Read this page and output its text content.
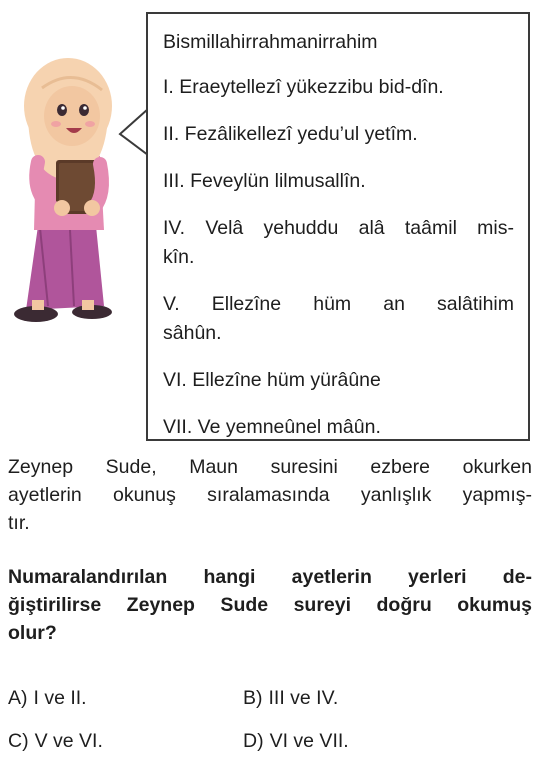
Bismillahirrahmanirrahim
I. Eraeytellezî yükezzibu bid-dîn.
II. Fezâlikellezî yedu’ul yetîm.
III. Feveylün lilmusallîn.
IV. Velâ yehuddu alâ taâmil mis-
kîn.
V. Ellezîne hüm an salâtihim
sâhûn.
VI. Ellezîne hüm yürâûne
VII. Ve yemneûnel mâûn.
Zeynep Sude, Maun suresini ezbere okurken
ayetlerin okunuş sıralamasında yanlışlık yapmış-
tır.
Numaralandırılan hangi ayetlerin yerleri de-
ğiştirilirse Zeynep Sude sureyi doğru okumuş
olur?
A) I ve II.	B) III ve IV.
C) V ve VI.	D) VI ve VII.
